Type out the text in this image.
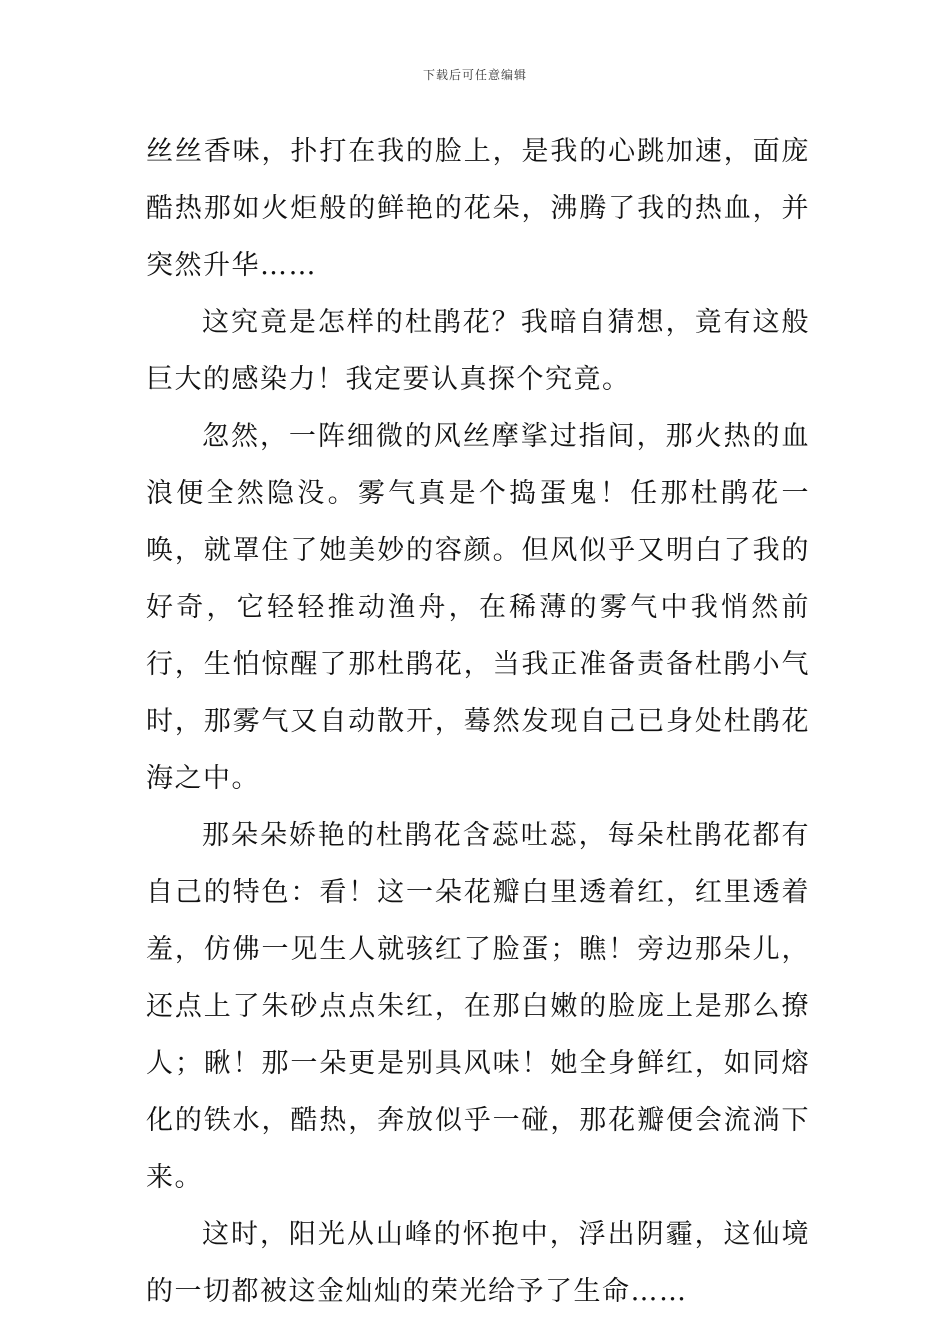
下载后可任意编辑

丝丝香味，扑打在我的脸上，是我的心跳加速，面庞酷热那如火炬般的鲜艳的花朵，沸腾了我的热血，并突然升华……

这究竟是怎样的杜鹃花？我暗自猜想，竟有这般巨大的感染力！我定要认真探个究竟。

忽然，一阵细微的风丝摩挲过指间，那火热的血浪便全然隐没。雾气真是个捣蛋鬼！任那杜鹃花一唤，就罩住了她美妙的容颜。但风似乎又明白了我的好奇，它轻轻推动渔舟，在稀薄的雾气中我悄然前行，生怕惊醒了那杜鹃花，当我正准备责备杜鹃小气时，那雾气又自动散开，蓦然发现自己已身处杜鹃花海之中。

那朵朵娇艳的杜鹃花含蕊吐蕊，每朵杜鹃花都有自己的特色：看！这一朵花瓣白里透着红，红里透着羞，仿佛一见生人就骇红了脸蛋；瞧！旁边那朵儿，还点上了朱砂点点朱红，在那白嫩的脸庞上是那么撩人；瞅！那一朵更是别具风味！她全身鲜红，如同熔化的铁水，酷热，奔放似乎一碰，那花瓣便会流淌下来。

这时，阳光从山峰的怀抱中，浮出阴霾，这仙境的一切都被这金灿灿的荣光给予了生命……
